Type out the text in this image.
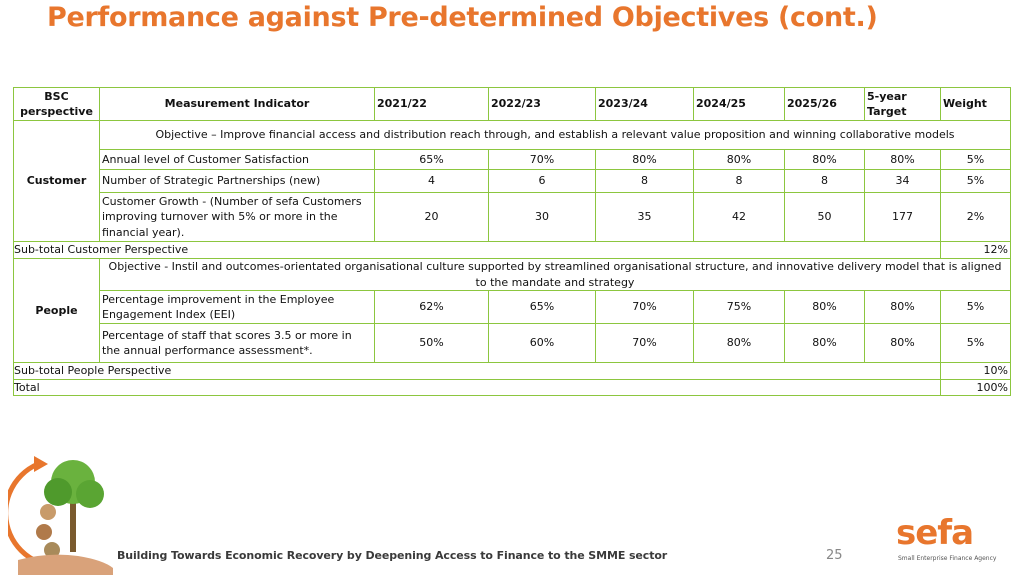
Performance against Pre-determined Objectives (cont.)
BSC perspective	Measurement Indicator	2021/22	2022/23	2023/24	2024/25	2025/26	5-year Target	Weight
Customer	Objective – Improve financial access and distribution reach through, and establish a relevant value proposition and winning collaborative models							
	Annual level of Customer Satisfaction	65%	70%	80%	80%	80%	80%	5%
	Number of Strategic Partnerships (new)	4	6	8	8	8	34	5%
	Customer Growth - (Number of sefa Customers improving turnover with 5% or more in the financial year).	20	30	35	42	50	177	2%
Sub-total Customer Perspective								12%
People	Objective - Instil and outcomes-orientated organisational culture supported by streamlined organisational structure, and innovative delivery model that is aligned to the mandate and strategy							
	Percentage improvement in the Employee Engagement Index (EEI)	62%	65%	70%	75%	80%	80%	5%
	Percentage of staff that scores 3.5 or more in the annual performance assessment*.	50%	60%	70%	80%	80%	80%	5%
Sub-total People Perspective								10%
Total								100%
Building Towards Economic Recovery by Deepening Access to Finance to the SMME sector	25
sefa
Small Enterprise Finance Agency
